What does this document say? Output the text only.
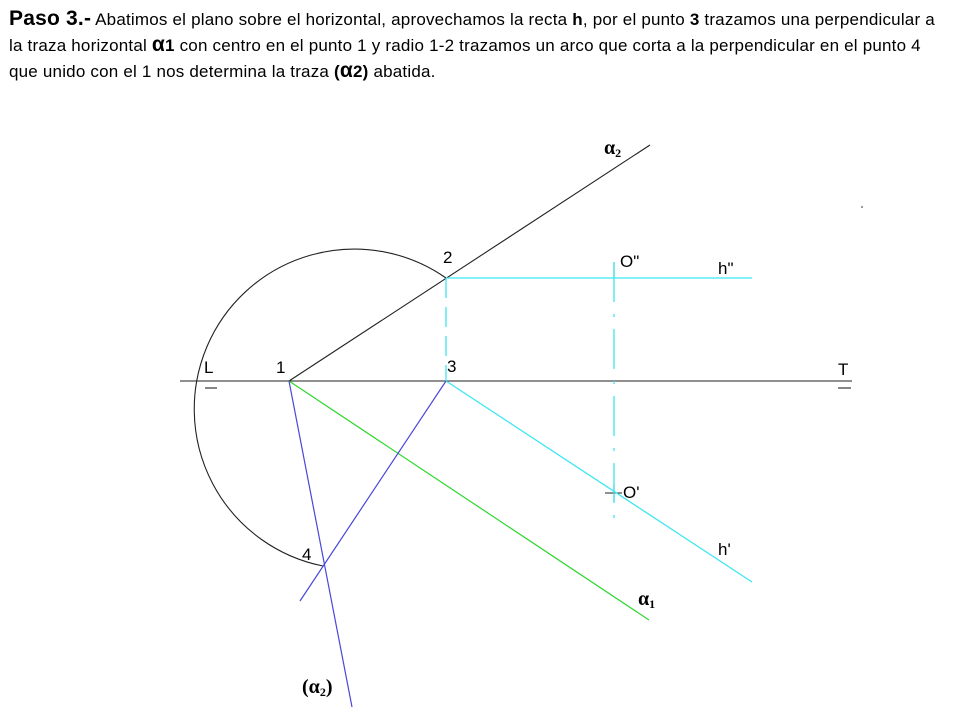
Paso 3.- Abatimos el plano sobre el horizontal, aprovechamos la recta h, por el punto 3 trazamos una perpendicular a la traza horizontal α1 con centro en el punto 1 y radio 1-2 trazamos un arco que corta a la perpendicular en el punto 4 que unido con el 1 nos determina la traza (α2) abatida.
L	T
1
2
3
4
O"
O'
h"
h'
α2
α1
(α2)
